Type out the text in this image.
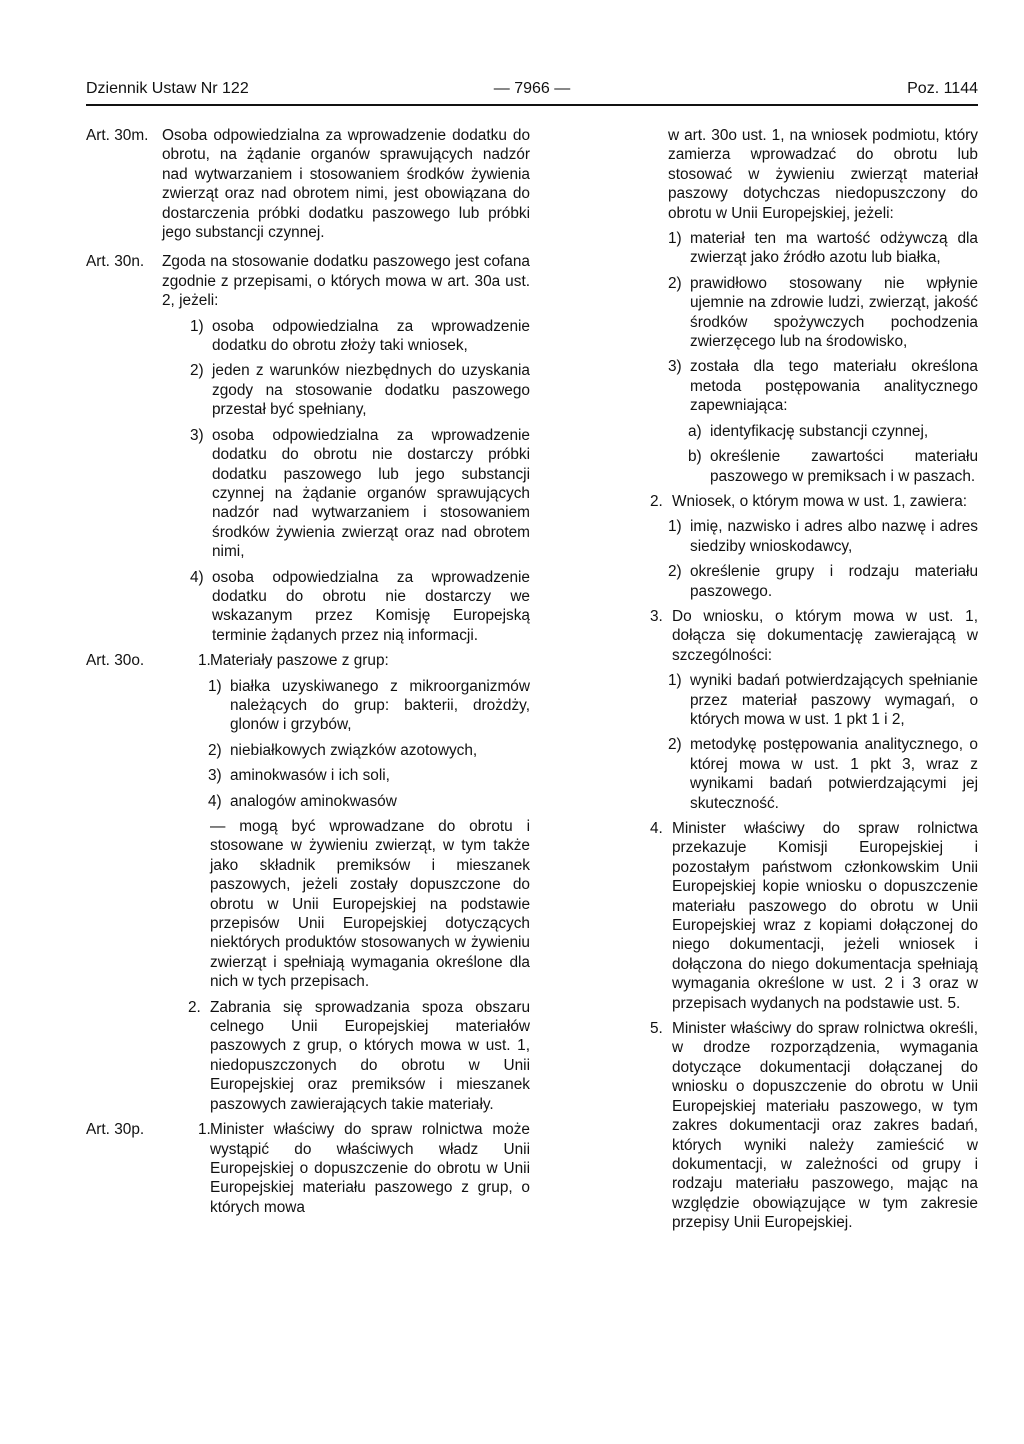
Dziennik Ustaw Nr 122	— 7966 —	Poz. 1144

Art. 30m. Osoba odpowiedzialna za wprowadzenie dodatku do obrotu, na żądanie organów sprawujących nadzór nad wytwarzaniem i stosowaniem środków żywienia zwierząt oraz nad obrotem nimi, jest obowiązana do dostarczenia próbki dodatku paszowego lub próbki jego substancji czynnej.

Art. 30n.	Zgoda na stosowanie dodatku paszowego jest cofana zgodnie z przepisami, o których mowa w art. 30a ust. 2, jeżeli:
1) osoba odpowiedzialna za wprowadzenie dodatku do obrotu złoży taki wniosek,
2) jeden z warunków niezbędnych do uzyskania zgody na stosowanie dodatku paszowego przestał być spełniany,
3) osoba odpowiedzialna za wprowadzenie dodatku do obrotu nie dostarczy próbki dodatku paszowego lub jego substancji czynnej na żądanie organów sprawujących nadzór nad wytwarzaniem i stosowaniem środków żywienia zwierząt oraz nad obrotem nimi,
4) osoba odpowiedzialna za wprowadzenie dodatku do obrotu nie dostarczy we wskazanym przez Komisję Europejską terminie żądanych przez nią informacji.
Art. 30o.	1. Materiały paszowe z grup:
1) białka uzyskiwanego z mikroorganizmów należących do grup: bakterii, drożdży, glonów i grzybów,
2) niebiałkowych związków azotowych,
3) aminokwasów i ich soli,
4) analogów aminokwasów
— mogą być wprowadzane do obrotu i stosowane w żywieniu zwierząt, w tym także jako składnik premiksów i mieszanek paszowych, jeżeli zostały dopuszczone do obrotu w Unii Europejskiej na podstawie przepisów Unii Europejskiej dotyczących niektórych produktów stosowanych w żywieniu zwierząt i spełniają wymagania określone dla nich w tych przepisach.
2. Zabrania się sprowadzania spoza obszaru celnego Unii Europejskiej materiałów paszowych z grup, o których mowa w ust. 1, niedopuszczonych do obrotu w Unii Europejskiej oraz premiksów i mieszanek paszowych zawierających takie materiały.
Art. 30p.	1. Minister właściwy do spraw rolnictwa może wystąpić do właściwych władz Unii Europejskiej o dopuszczenie do obrotu w Unii Europejskiej materiału paszowego z grup, o których mowa
w art. 30o ust. 1, na wniosek podmiotu, który zamierza wprowadzać do obrotu lub stosować w żywieniu zwierząt materiał paszowy dotychczas niedopuszczony do obrotu w Unii Europejskiej, jeżeli:
1) materiał ten ma wartość odżywczą dla zwierząt jako źródło azotu lub białka,
2) prawidłowo stosowany nie wpłynie ujemnie na zdrowie ludzi, zwierząt, jakość środków spożywczych pochodzenia zwierzęcego lub na środowisko,
3) została dla tego materiału określona metoda postępowania analitycznego zapewniająca:
a) identyfikację substancji czynnej,
b) określenie zawartości materiału paszowego w premiksach i w paszach.
2. Wniosek, o którym mowa w ust. 1, zawiera:
1) imię, nazwisko i adres albo nazwę i adres siedziby wnioskodawcy,
2) określenie grupy i rodzaju materiału paszowego.
3. Do wniosku, o którym mowa w ust. 1, dołącza się dokumentację zawierającą w szczególności:
1) wyniki badań potwierdzających spełnianie przez materiał paszowy wymagań, o których mowa w ust. 1 pkt 1 i 2,
2) metodykę postępowania analitycznego, o której mowa w ust. 1 pkt 3, wraz z wynikami badań potwierdzającymi jej skuteczność.
4. Minister właściwy do spraw rolnictwa przekazuje Komisji Europejskiej i pozostałym państwom członkowskim Unii Europejskiej kopie wniosku o dopuszczenie materiału paszowego do obrotu w Unii Europejskiej wraz z kopiami dołączonej do niego dokumentacji, jeżeli wniosek i dołączona do niego dokumentacja spełniają wymagania określone w ust. 2 i 3 oraz w przepisach wydanych na podstawie ust. 5.
5. Minister właściwy do spraw rolnictwa określi, w drodze rozporządzenia, wymagania dotyczące dokumentacji dołączanej do wniosku o dopuszczenie do obrotu w Unii Europejskiej materiału paszowego, w tym zakres dokumentacji oraz zakres badań, których wyniki należy zamieścić w dokumentacji, w zależności od grupy i rodzaju materiału paszowego, mając na względzie obowiązujące w tym zakresie przepisy Unii Europejskiej.
